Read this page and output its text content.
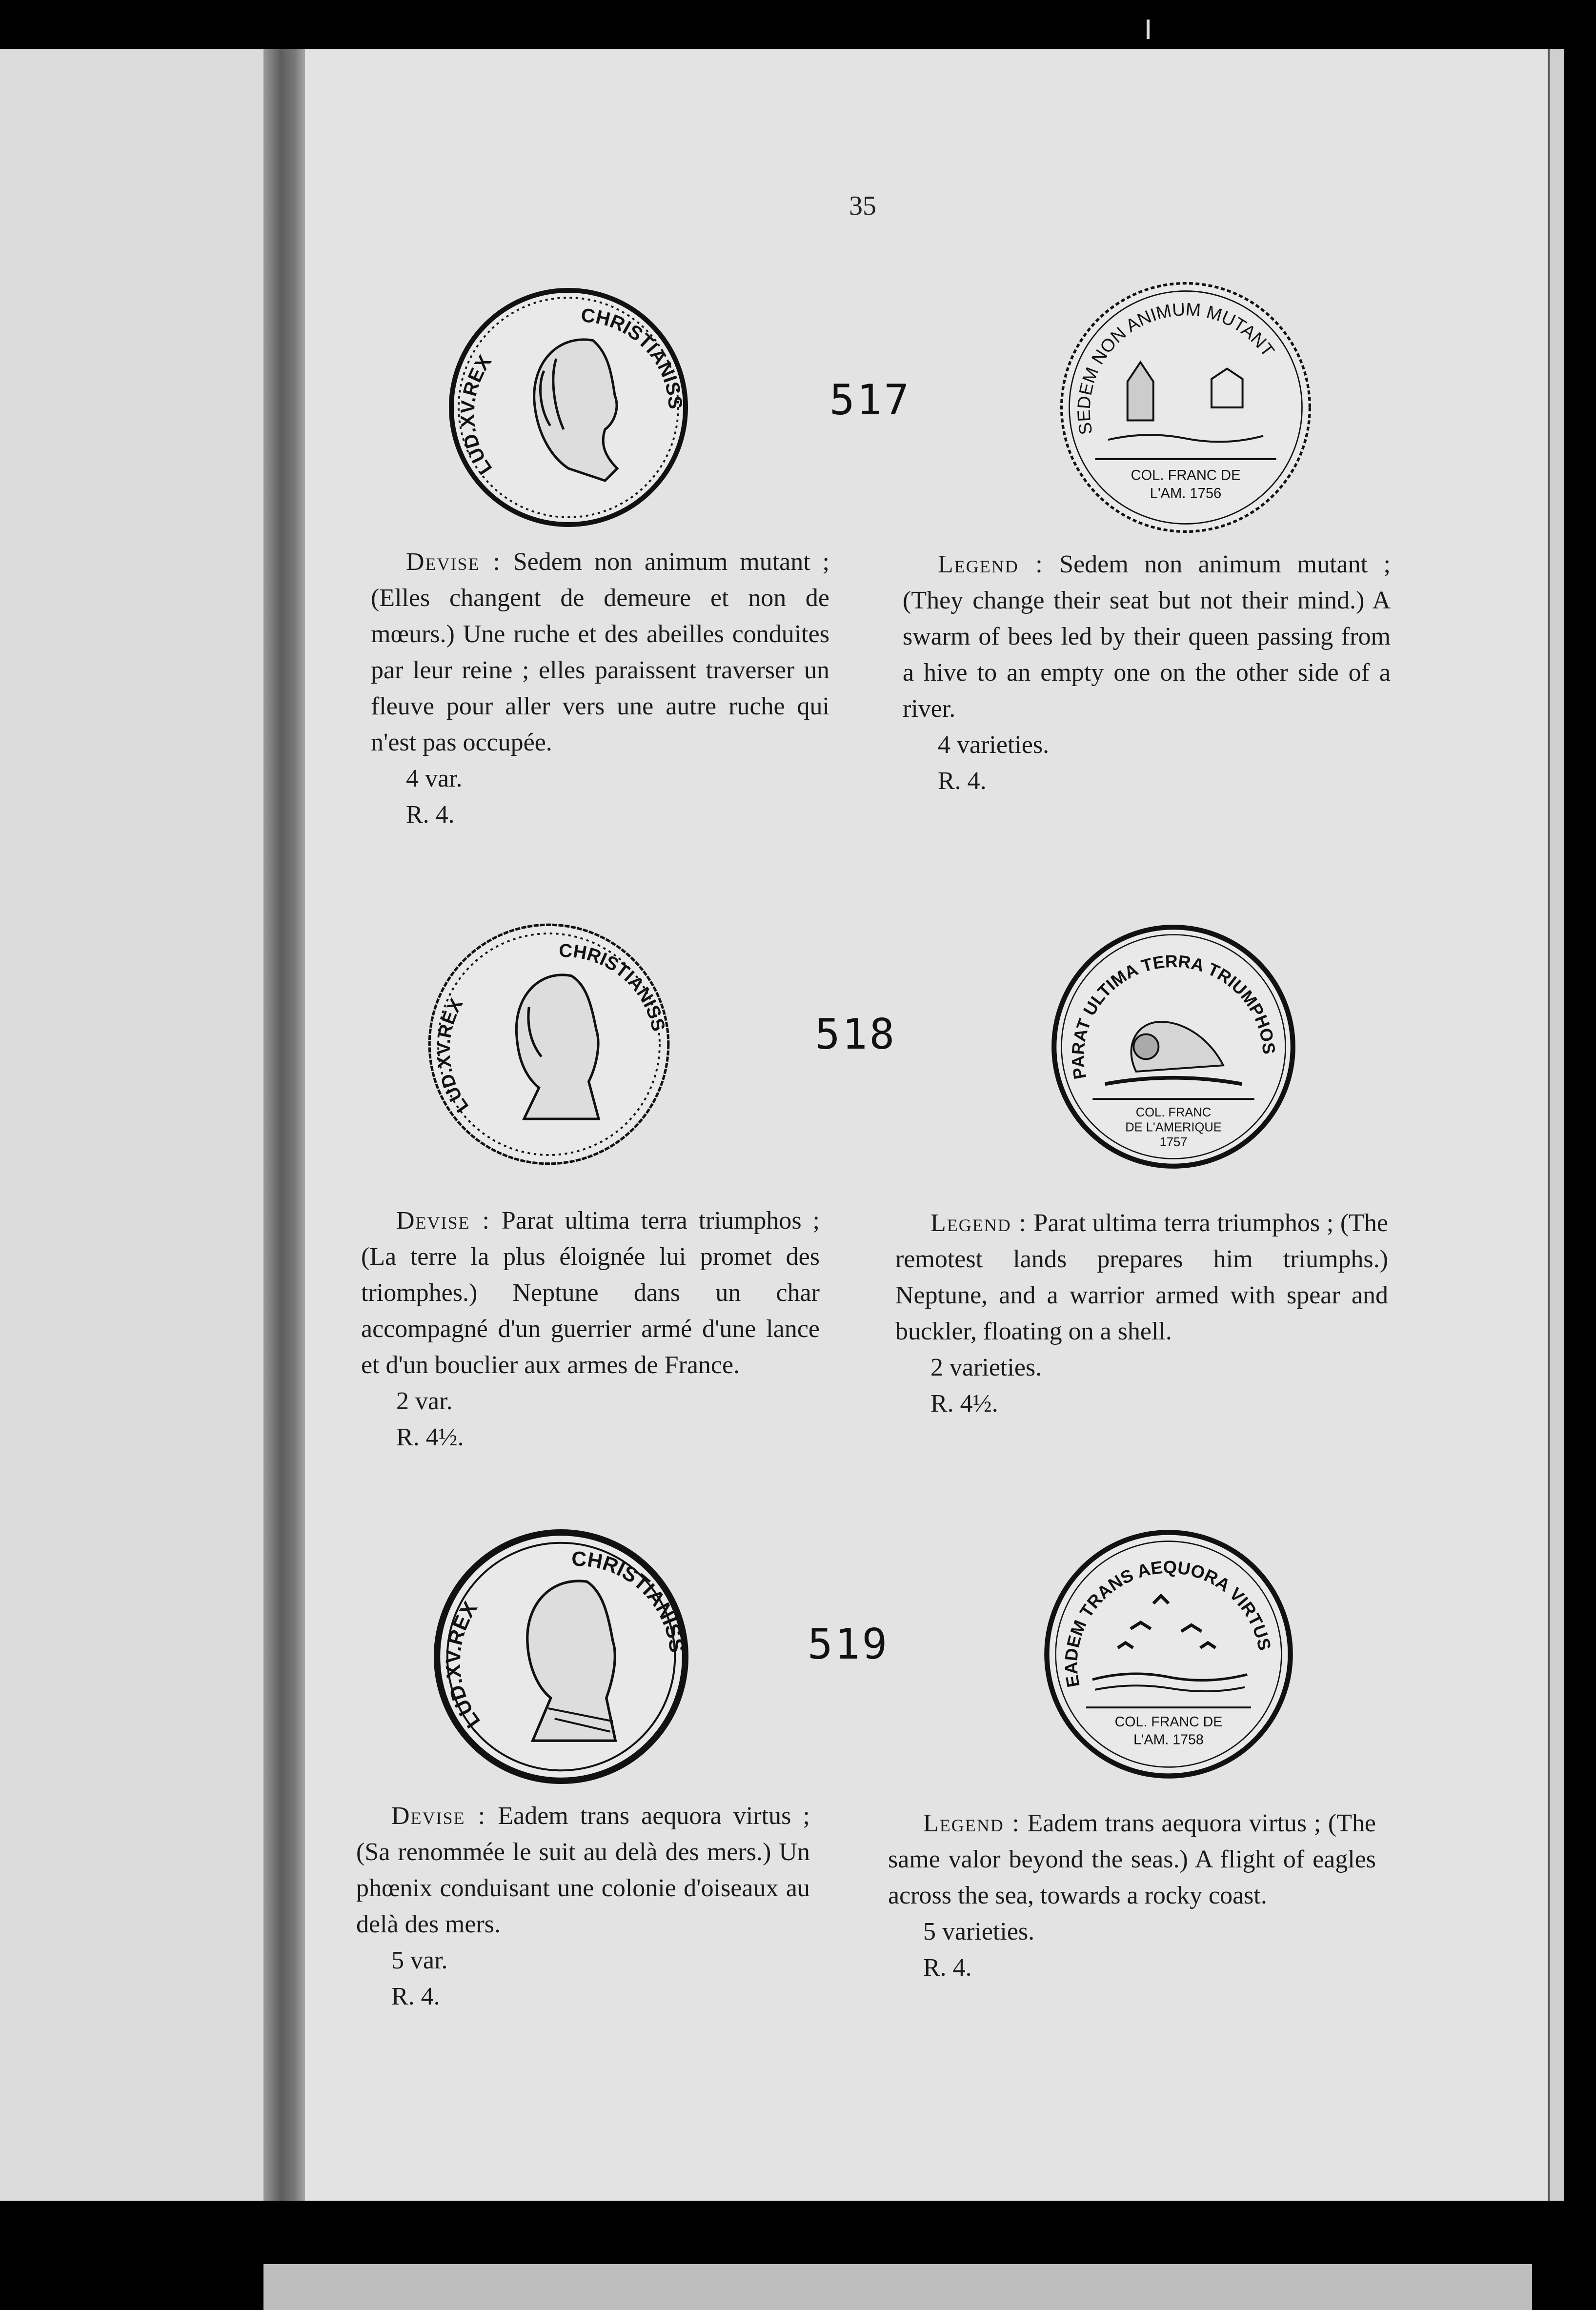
35
LUD.XV.REX
CHRISTIANISS	517
SEDEM NON ANIMUM MUTANT
COL. FRANC DE
L'AM. 1756

Devise : Sedem non animum mutant ; (Elles changent de demeure et non de mœurs.) Une ruche et des abeilles conduites par leur reine ; elles paraissent traverser un fleuve pour aller vers une autre ruche qui n'est pas occupée.

4 var.

R. 4.

Legend : Sedem non animum mutant ; (They change their seat but not their mind.) A swarm of bees led by their queen passing from a hive to an empty one on the other side of a river.

4 varieties.

R. 4.

LUD.XV.REX
CHRISTIANISS	518
PARAT ULTIMA TERRA TRIUMPHOS
COL. FRANC
DE L'AMERIQUE
1757

Devise : Parat ultima terra triumphos ; (La terre la plus éloignée lui promet des triomphes.) Neptune dans un char accompagné d'un guerrier armé d'une lance et d'un bouclier aux armes de France.

2 var.

R. 4½.

Legend : Parat ultima terra triumphos ; (The remotest lands prepares him triumphs.) Neptune, and a warrior armed with spear and buckler, floating on a shell.

2 varieties.

R. 4½.

LUD.XV.REX
CHRISTIANISS	519
EADEM TRANS AEQUORA VIRTUS
COL. FRANC DE
L'AM. 1758

Devise : Eadem trans aequora virtus ; (Sa renommée le suit au delà des mers.) Un phœnix conduisant une colonie d'oiseaux au delà des mers.

5 var.

R. 4.

Legend : Eadem trans aequora virtus ; (The same valor beyond the seas.) A flight of eagles across the sea, towards a rocky coast.

5 varieties.

R. 4.
